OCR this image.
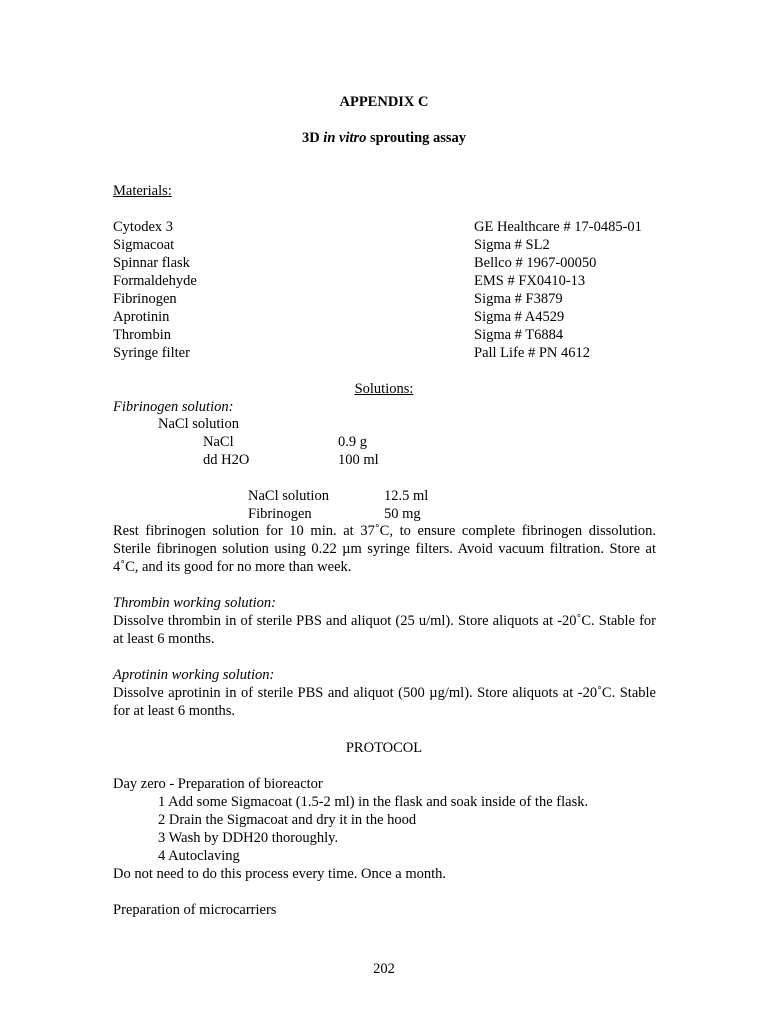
APPENDIX C
3D in vitro sprouting assay
Materials:
Cytodex 3	GE Healthcare # 17-0485-01
Sigmacoat	Sigma # SL2
Spinnar flask	Bellco # 1967-00050
Formaldehyde	EMS # FX0410-13
Fibrinogen	Sigma # F3879
Aprotinin	Sigma # A4529
Thrombin	Sigma # T6884
Syringe filter	Pall Life # PN 4612
Solutions:
Fibrinogen solution:
NaCl solution
NaCl	0.9 g
dd H2O	100 ml
NaCl solution	12.5 ml
Fibrinogen	50 mg
Rest fibrinogen solution for 10 min. at 37˚C, to ensure complete fibrinogen dissolution. Sterile fibrinogen solution using 0.22 µm syringe filters. Avoid vacuum filtration. Store at 4˚C, and its good for no more than week.
Thrombin working solution:
Dissolve thrombin in of sterile PBS and aliquot (25 u/ml). Store aliquots at -20˚C. Stable for at least 6 months.
Aprotinin working solution:
Dissolve aprotinin in of sterile PBS and aliquot (500 µg/ml). Store aliquots at -20˚C. Stable for at least 6 months.
PROTOCOL
Day zero - Preparation of bioreactor
1 Add some Sigmacoat (1.5-2 ml) in the flask and soak inside of the flask.
2 Drain the Sigmacoat and dry it in the hood
3 Wash by DDH20 thoroughly.
4 Autoclaving
Do not need to do this process every time. Once a month.
Preparation of microcarriers
202
